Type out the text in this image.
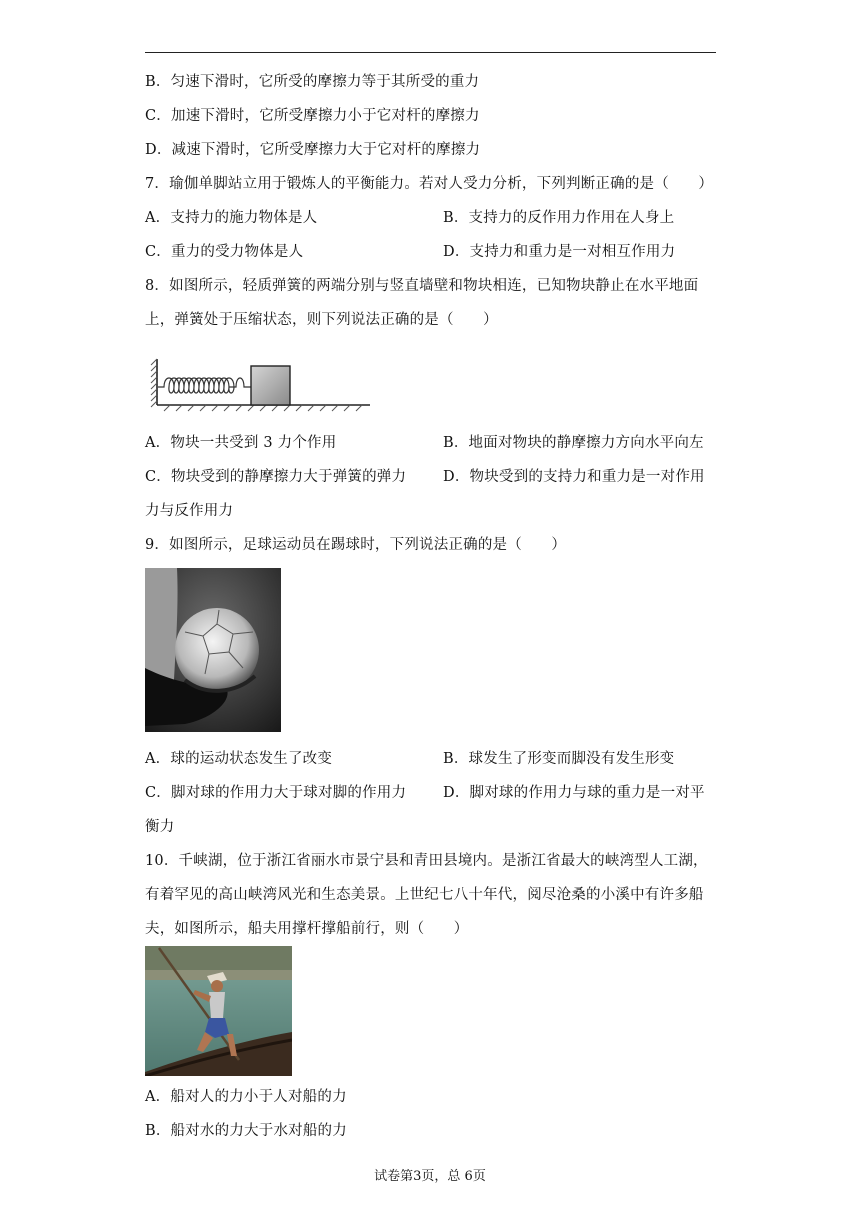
B．匀速下滑时，它所受的摩擦力等于其所受的重力
C．加速下滑时，它所受摩擦力小于它对杆的摩擦力
D．减速下滑时，它所受摩擦力大于它对杆的摩擦力
7．瑜伽单脚站立用于锻炼人的平衡能力。若对人受力分析，下列判断正确的是（　　）
A．支持力的施力物体是人	B．支持力的反作用力作用在人身上
C．重力的受力物体是人	D．支持力和重力是一对相互作用力
8．如图所示，轻质弹簧的两端分别与竖直墙壁和物块相连，已知物块静止在水平地面
上，弹簧处于压缩状态，则下列说法正确的是（　　）
A．物块一共受到 3 力个作用	B．地面对物块的静摩擦力方向水平向左
C．物块受到的静摩擦力大于弹簧的弹力	D．物块受到的支持力和重力是一对作用
力与反作用力
9．如图所示，足球运动员在踢球时，下列说法正确的是（　　）
A．球的运动状态发生了改变	B．球发生了形变而脚没有发生形变
C．脚对球的作用力大于球对脚的作用力	D．脚对球的作用力与球的重力是一对平
衡力
10．千峡湖，位于浙江省丽水市景宁县和青田县境内。是浙江省最大的峡湾型人工湖，
有着罕见的高山峡湾风光和生态美景。上世纪七八十年代，阅尽沧桑的小溪中有许多船
夫，如图所示，船夫用撑杆撑船前行，则（　　）
A．船对人的力小于人对船的力
B．船对水的力大于水对船的力
试卷第3页，总 6页
